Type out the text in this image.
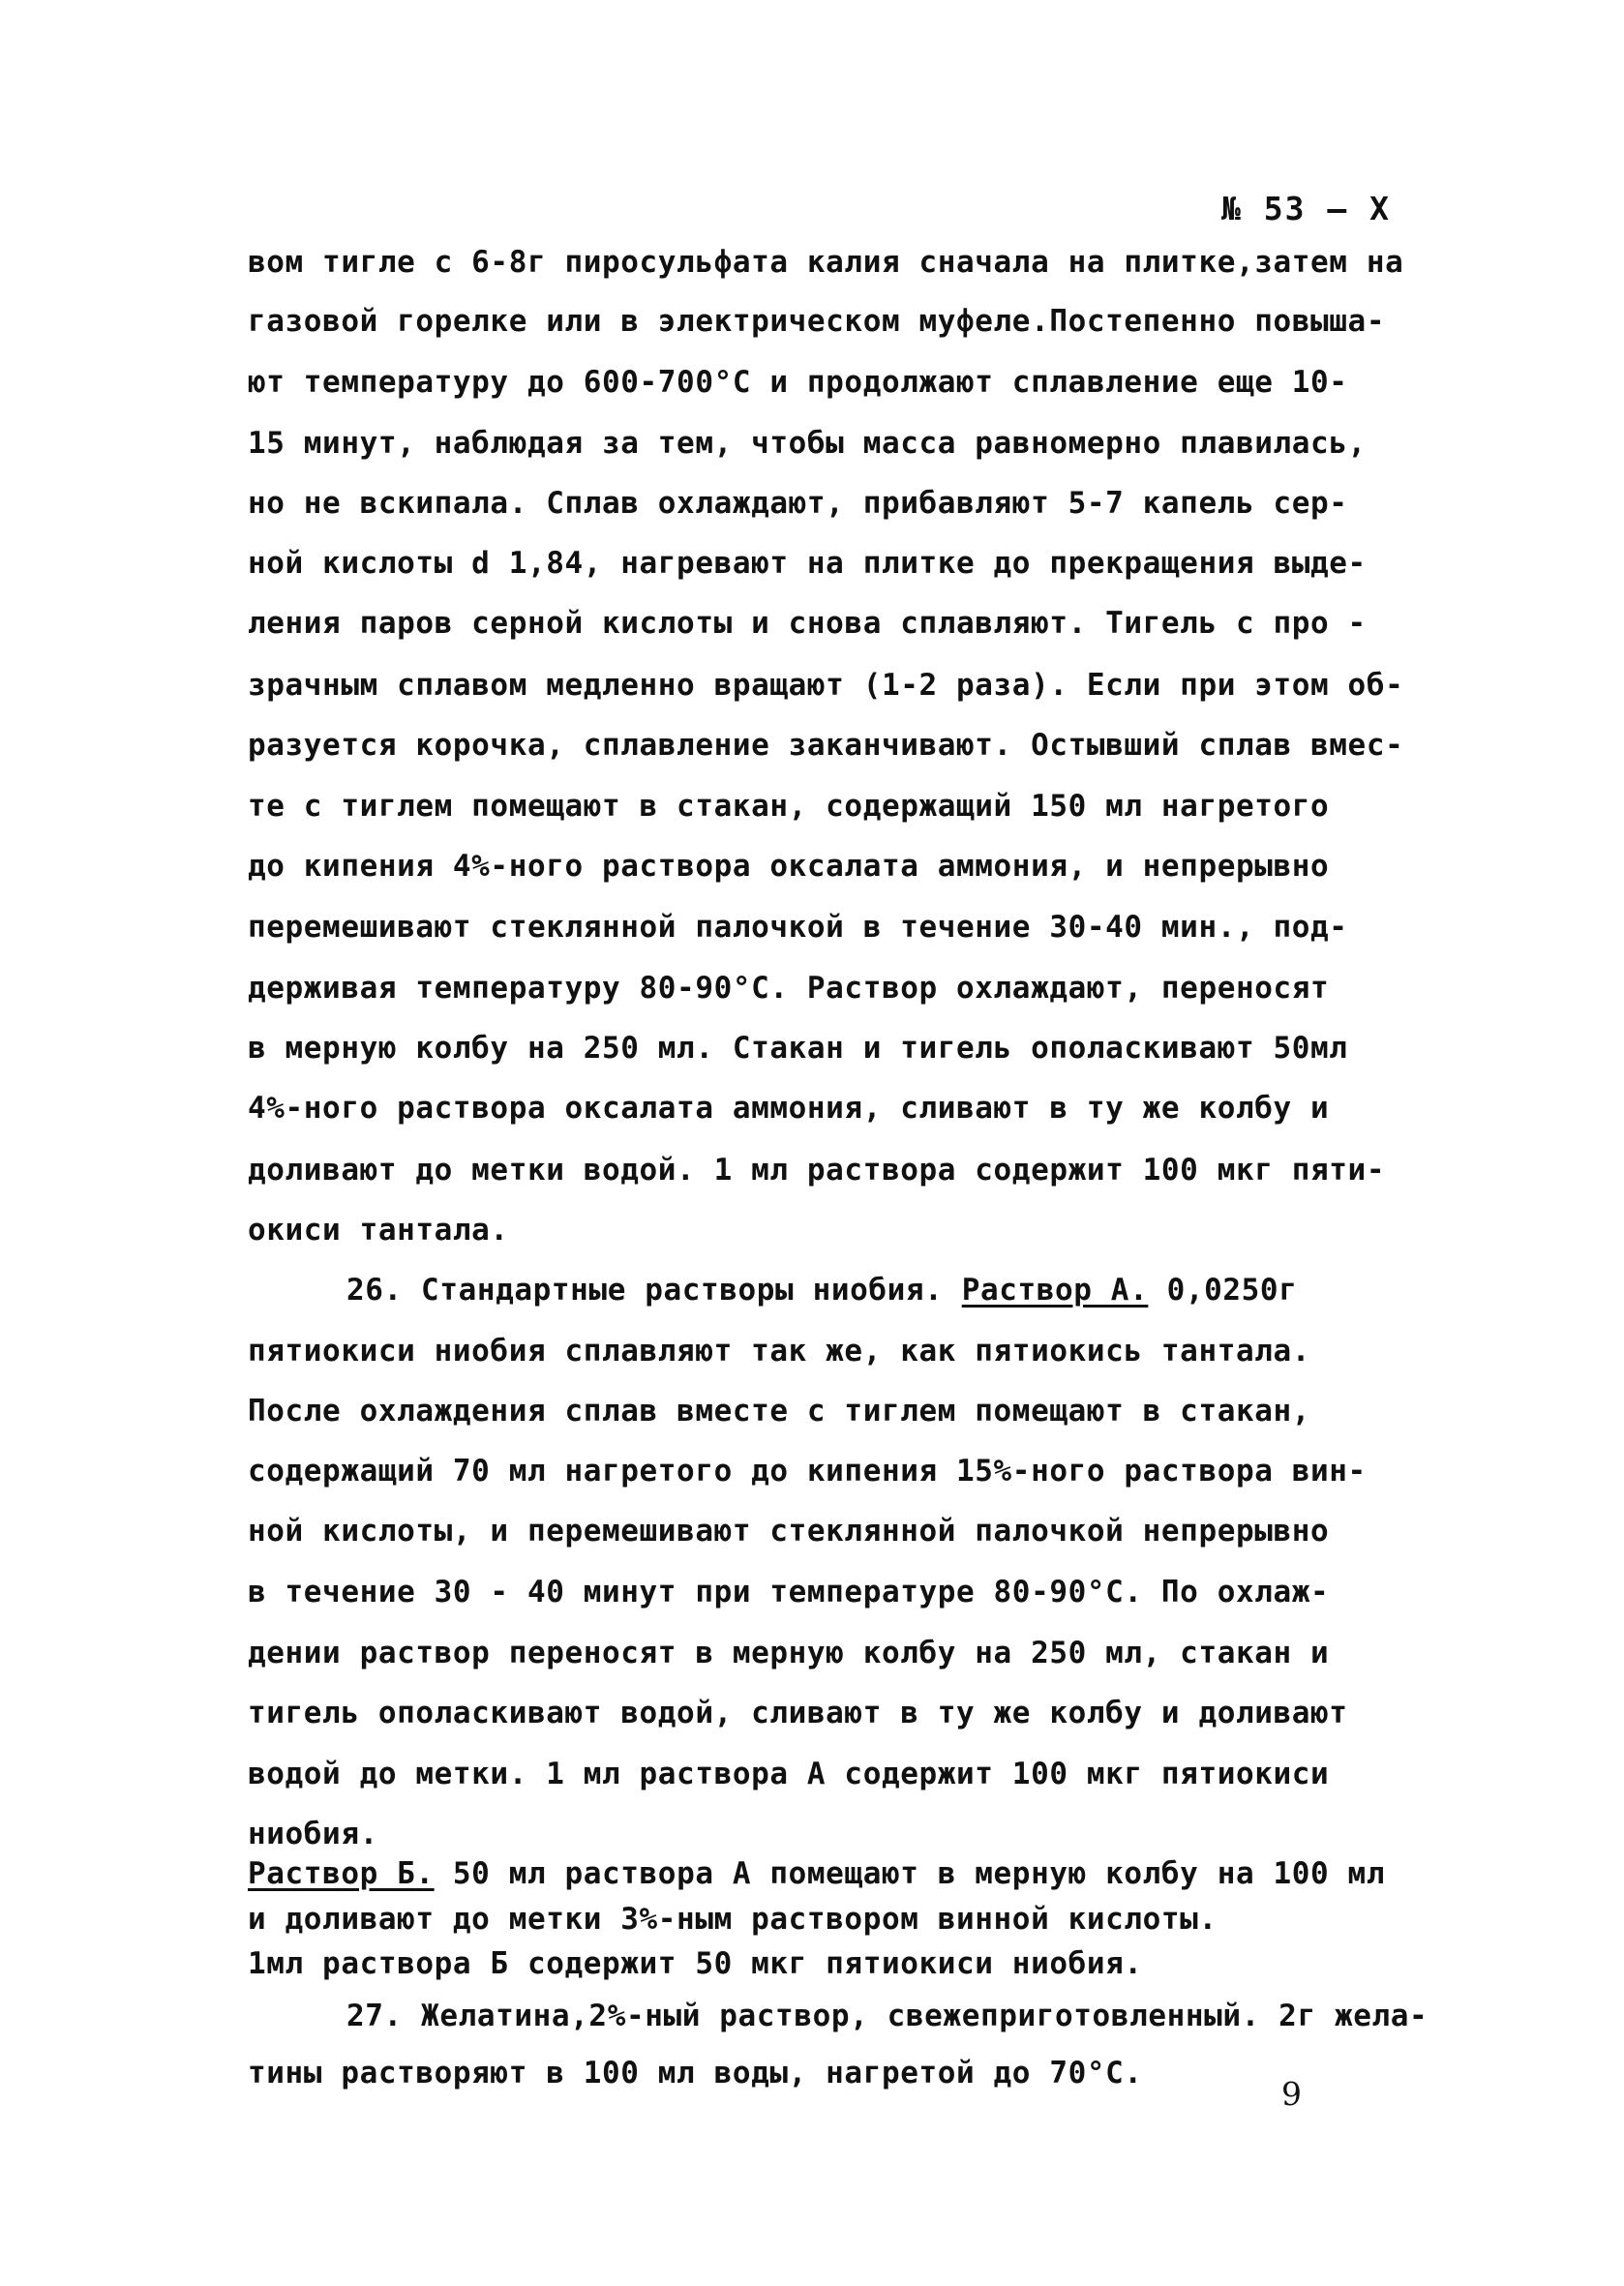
№ 53 – X
вом тигле с 6-8г пиросульфата калия сначала на плитке,затем на
газовой горелке или в электрическом муфеле.Постепенно повыша-
ют температуру до 600-700°С и продолжают сплавление еще 10-
15 минут, наблюдая за тем, чтобы масса равномерно плавилась,
но не вскипала. Сплав охлаждают, прибавляют 5-7 капель сер-
ной кислоты d 1,84, нагревают на плитке до прекращения выде-
ления паров серной кислоты и снова сплавляют. Тигель с про -
зрачным сплавом медленно вращают (1-2 раза). Если при этом об-
разуется корочка, сплавление заканчивают. Остывший сплав вмес-
те с тиглем помещают в стакан, содержащий 150 мл нагретого
до кипения 4%-ного раствора оксалата аммония, и непрерывно
перемешивают стеклянной палочкой в течение 30-40 мин., под-
держивая температуру 80-90°С. Раствор охлаждают, переносят
в мерную колбу на 250 мл. Стакан и тигель ополаскивают 50мл
4%-ного раствора оксалата аммония, сливают в ту же колбу и
доливают до метки водой. 1 мл раствора содержит 100 мкг пяти-
окиси тантала.
26. Стандартные растворы ниобия. Раствор А. 0,0250г
пятиокиси ниобия сплавляют так же, как пятиокись тантала.
После охлаждения сплав вместе с тиглем помещают в стакан,
содержащий 70 мл нагретого до кипения 15%-ного раствора вин-
ной кислоты, и перемешивают стеклянной палочкой непрерывно
в течение 30 - 40 минут при температуре 80-90°С. По охлаж-
дении раствор переносят в мерную колбу на 250 мл, стакан и
тигель ополаскивают водой, сливают в ту же колбу и доливают
водой до метки. 1 мл раствора А содержит 100 мкг пятиокиси
ниобия.
Раствор Б. 50 мл раствора А помещают в мерную колбу на 100 мл
и доливают до метки 3%-ным раствором винной кислоты.
1мл раствора Б содержит 50 мкг пятиокиси ниобия.
27. Желатина,2%-ный раствор, свежеприготовленный. 2г жела-
тины растворяют в 100 мл воды, нагретой до 70°С.
9
